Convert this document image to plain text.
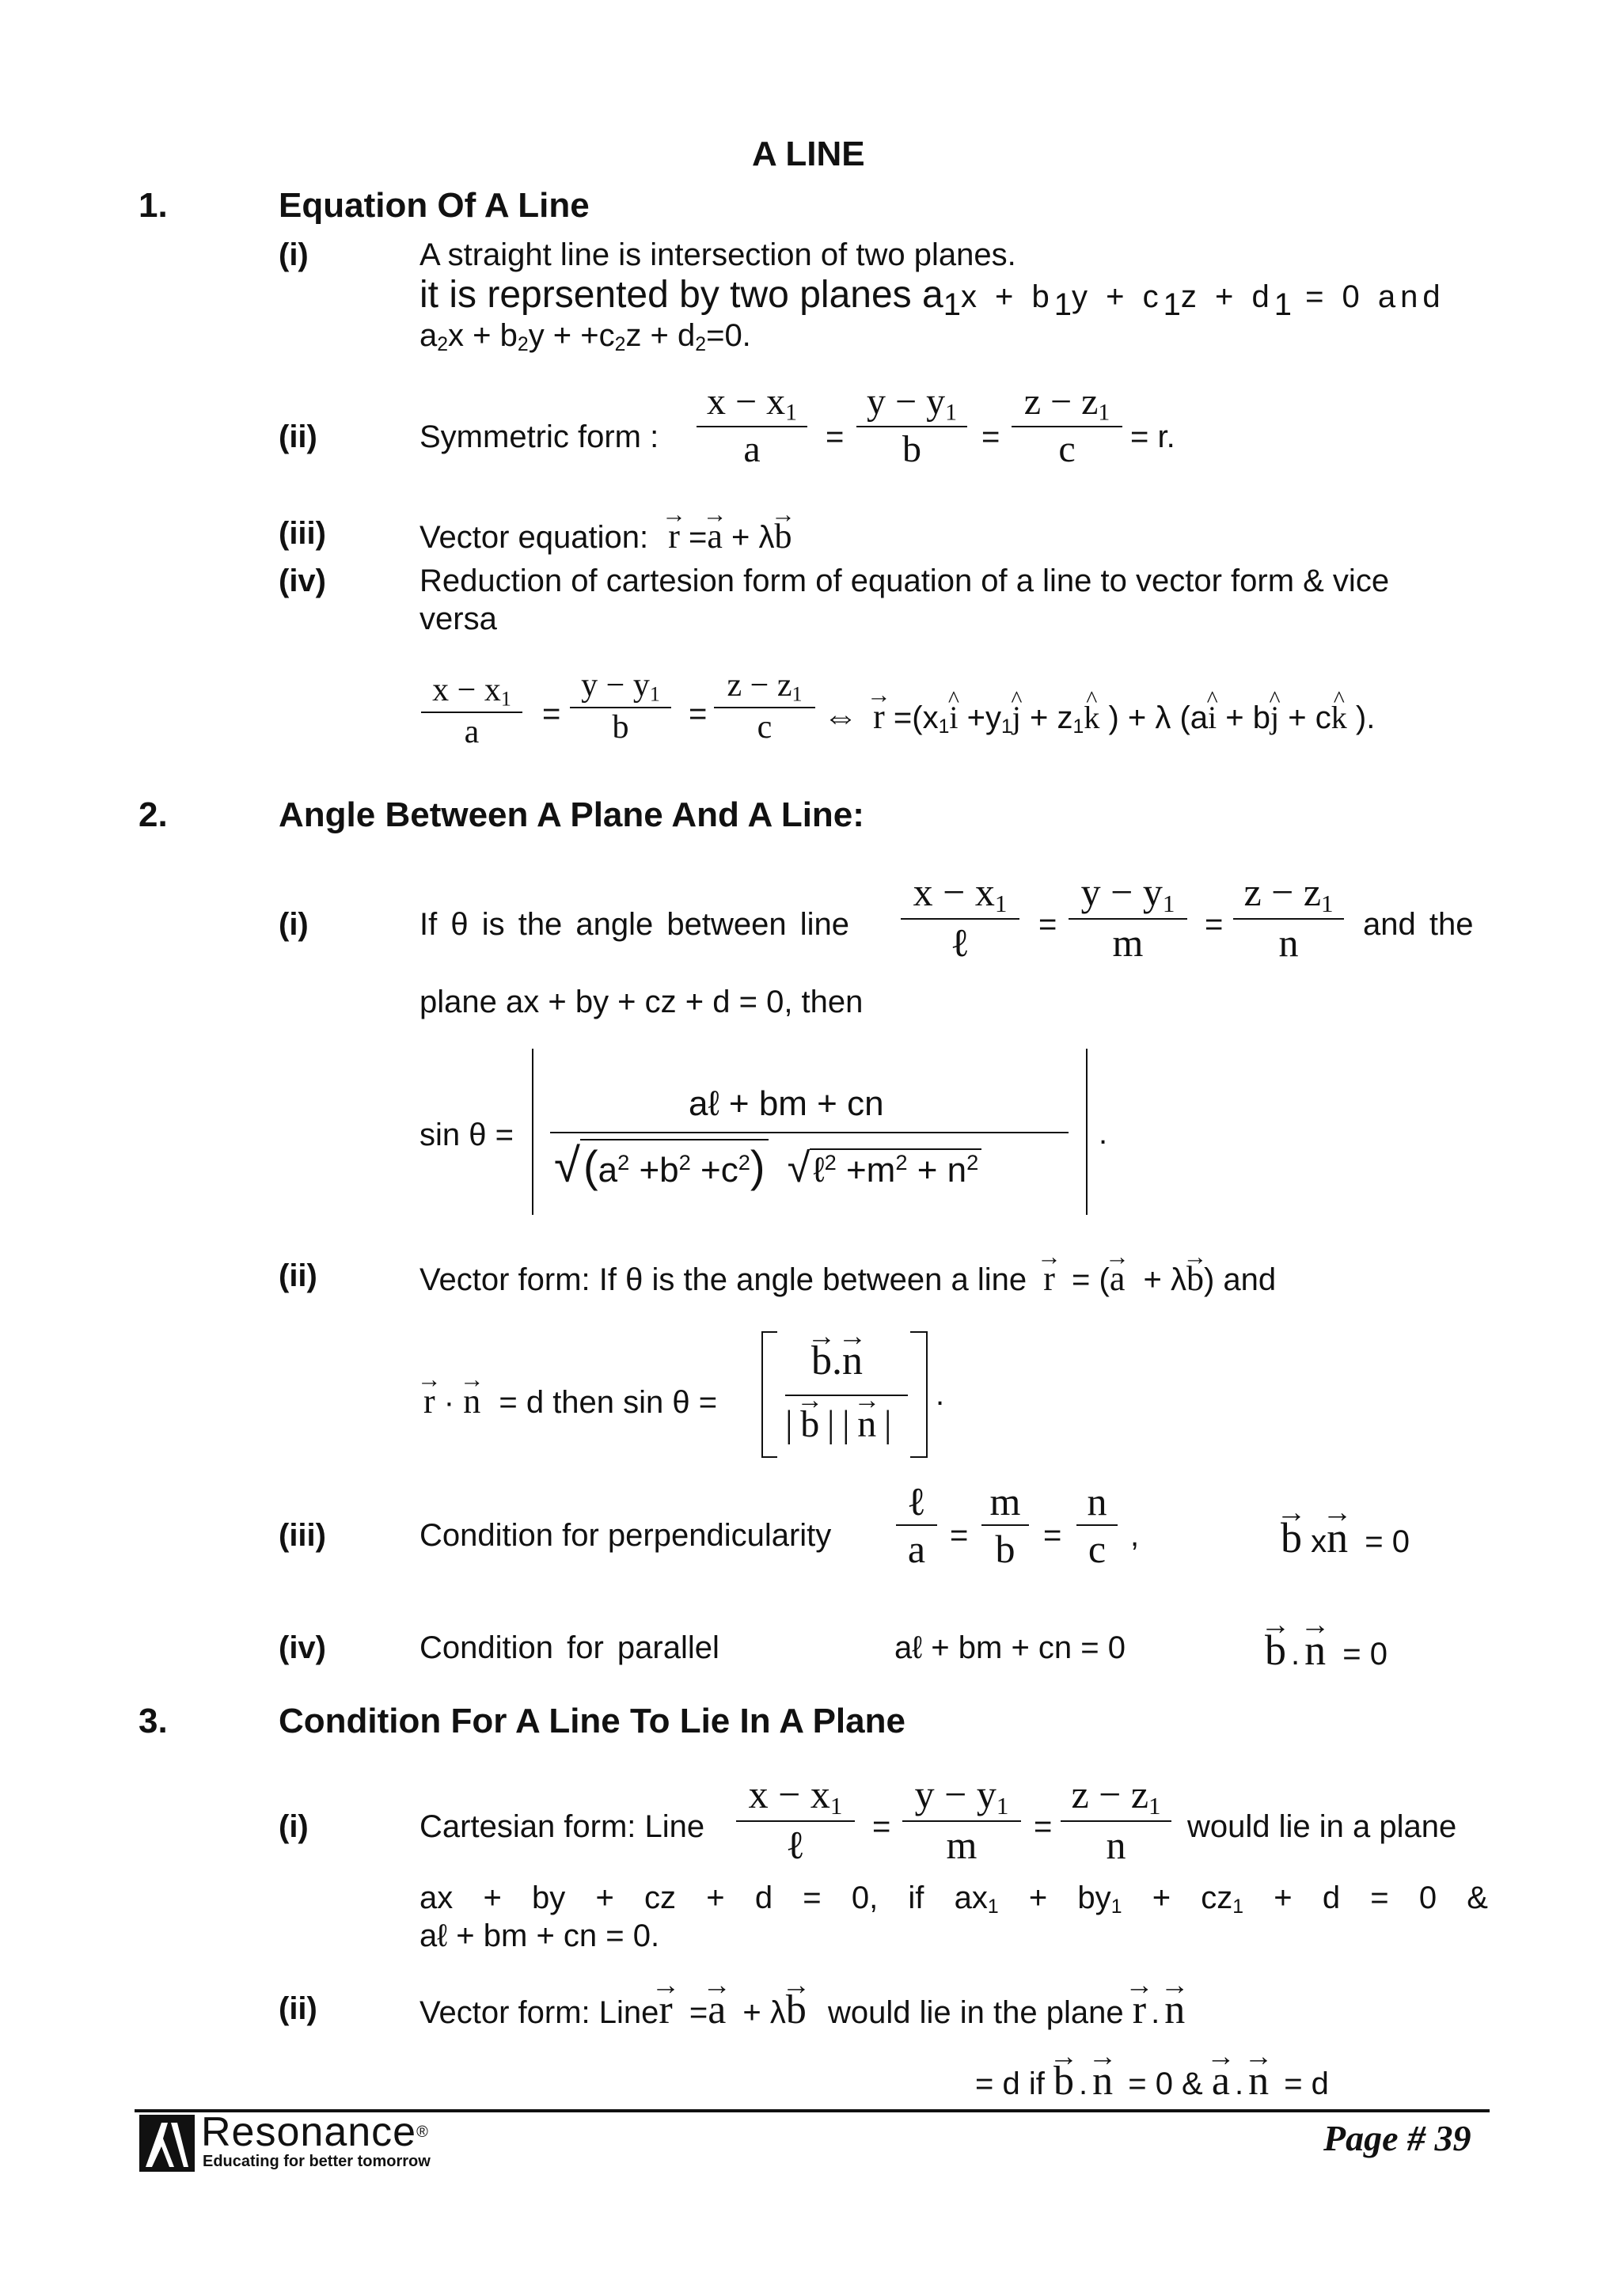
A LINE
1.	Equation Of A Line
(i)	A straight line is intersection of two planes.
it is reprsented by two planes $a_1x + b_1y + c_1z + d_1 = 0$ and
$a_2x + b_2y + +c_2z + d_2=0$.
(ii)	Symmetric form :
$x - x_1$
a	=
$y - y_1$
b	=
$z - z_1$
c	= r.
(iii)	Vector equation: → r =→ a + λ→ b
(iv)	Reduction of cartesion form of equation of a line to vector form & vice
versa
$x - x_1$
a	=
$y - y_1$
b	=
$z - z_1$
c	⇔ → $r =(x_1\^{}$ $i +y_1\^{}$ $j + z_1\^{}$ k ) + λ (a^ i + b^ j + c^ k ).
2.	Angle Between A Plane And A Line:
(i)	If θ is the angle between line
$x - x_1$
ℓ	=
$y - y_1$
m	=
$z - z_1$
n	and the
plane ax + by + cz + d = 0, then
sin θ =
aℓ + bm + cn
$√(a^2 +b^2 +c^2)$ √ℓ$^2$ $+m^2 + n^2$
.
(ii)	Vector form: If θ is the angle between a line → r = (→ a + λ→ b) and
→ r · → n = d then sin θ =
→ b.→ n
| → b | | → n |
.
(iii)	Condition for perpendicularity
ℓ
a =
m
b =
n
c ,	→ b x→ n = 0
(iv)	Condition for parallel	aℓ + bm + cn = 0	→ b . → n = 0
3.	Condition For A Line To Lie In A Plane
(i)	Cartesian form: Line
$x - x_1$
ℓ	=
$y - y_1$
m	=
$z - z_1$
n	would lie in a plane
ax + by + cz + d = 0, if $ax_1 + by_1 + cz_1 + d = 0$ &
aℓ + bm + cn = 0.
(ii)	Vector form: Line→ r =→ a + λ→ b would lie in the plane → r . → n
= d if → b . → n = 0 & → a . → n = d
Resonance®
Educating for better tomorrow
Page # 39
